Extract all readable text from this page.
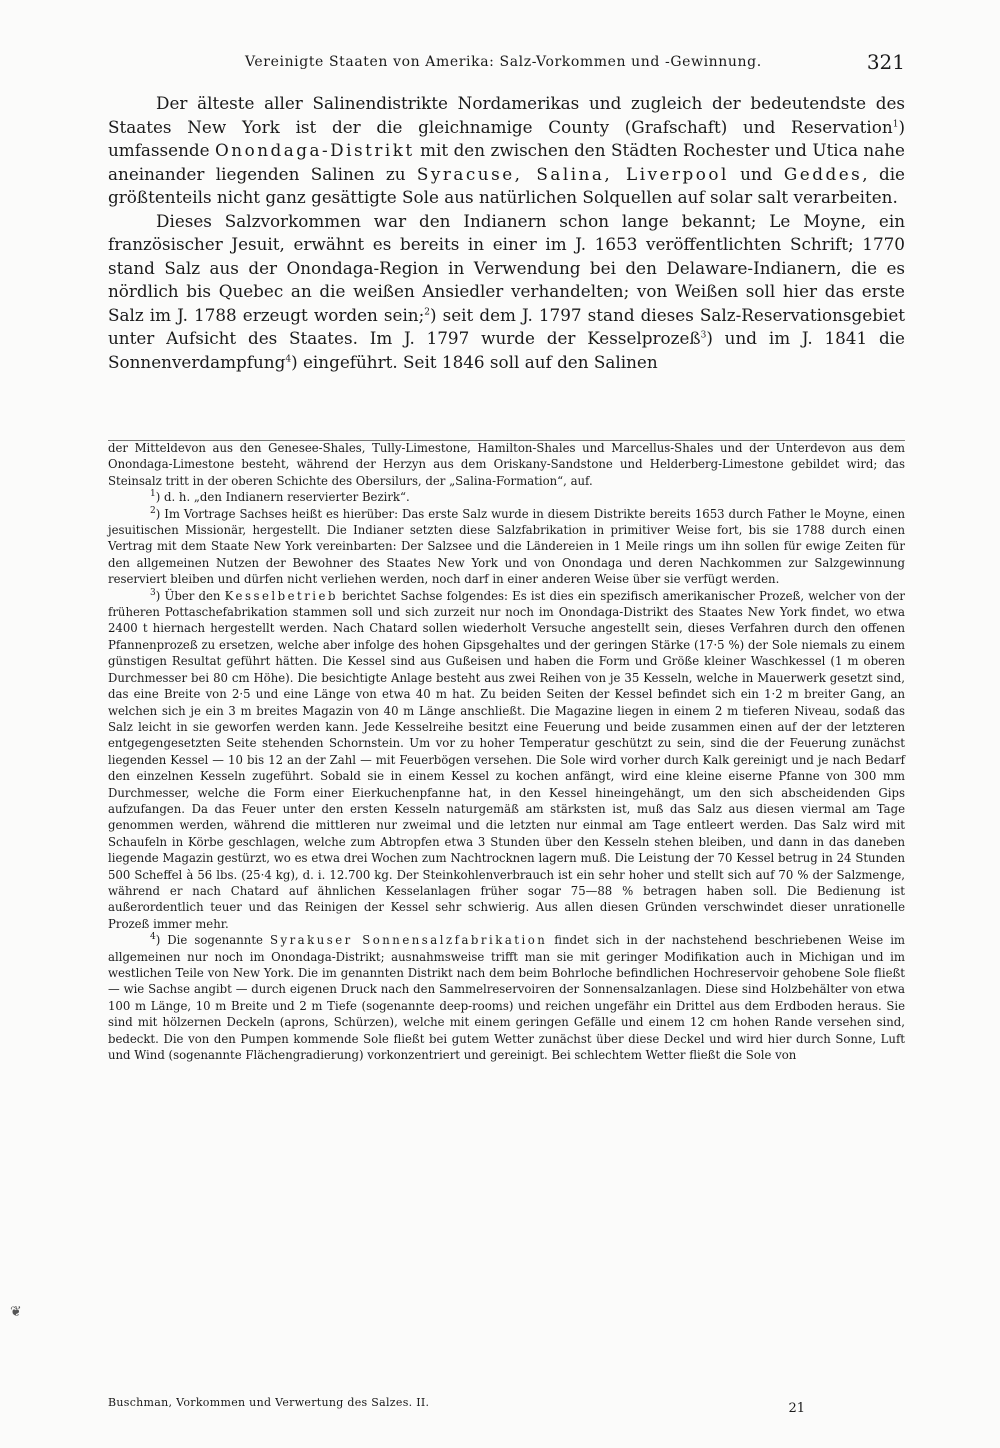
Vereinigte Staaten von Amerika: Salz-Vorkommen und -Gewinnung.	321

Der älteste aller Salinendistrikte Nordamerikas und zugleich der bedeutendste des Staates New York ist der die gleichnamige County (Grafschaft) und Reservation$^1$) umfassende Onondaga-Distrikt mit den zwischen den Städten Rochester und Utica nahe aneinander liegenden Salinen zu Syracuse, Salina, Liverpool und Geddes, die größtenteils nicht ganz gesättigte Sole aus natürlichen Solquellen auf solar salt verarbeiten.

Dieses Salzvorkommen war den Indianern schon lange bekannt; Le Moyne, ein französischer Jesuit, erwähnt es bereits in einer im J. 1653 veröffentlichten Schrift; 1770 stand Salz aus der Onondaga-Region in Verwendung bei den Delaware-Indianern, die es nördlich bis Quebec an die weißen Ansiedler verhandelten; von Weißen soll hier das erste Salz im J. 1788 erzeugt worden sein;$^2$) seit dem J. 1797 stand dieses Salz-Reservationsgebiet unter Aufsicht des Staates. Im J. 1797 wurde der Kesselprozeß$^3$) und im J. 1841 die Sonnenverdampfung$^4$) eingeführt. Seit 1846 soll auf den Salinen

der Mitteldevon aus den Genesee-Shales, Tully-Limestone, Hamilton-Shales und Marcellus-Shales und der Unterdevon aus dem Onondaga-Limestone besteht, während der Herzyn aus dem Oriskany-Sandstone und Helderberg-Limestone gebildet wird; das Steinsalz tritt in der oberen Schichte des Obersilurs, der „Salina-Formation“, auf.

$^1$) d. h. „den Indianern reservierter Bezirk“.

$^2$) Im Vortrage Sachses heißt es hierüber: Das erste Salz wurde in diesem Distrikte bereits 1653 durch Father le Moyne, einen jesuitischen Missionär, hergestellt. Die Indianer setzten diese Salzfabrikation in primitiver Weise fort, bis sie 1788 durch einen Vertrag mit dem Staate New York vereinbarten: Der Salzsee und die Ländereien in 1 Meile rings um ihn sollen für ewige Zeiten für den allgemeinen Nutzen der Bewohner des Staates New York und von Onondaga und deren Nachkommen zur Salzgewinnung reserviert bleiben und dürfen nicht verliehen werden, noch darf in einer anderen Weise über sie verfügt werden.

$^3$) Über den Kesselbetrieb berichtet Sachse folgendes: Es ist dies ein spezifisch amerikanischer Prozeß, welcher von der früheren Pottaschefabrikation stammen soll und sich zurzeit nur noch im Onondaga-Distrikt des Staates New York findet, wo etwa 2400 t hiernach hergestellt werden. Nach Chatard sollen wiederholt Versuche angestellt sein, dieses Verfahren durch den offenen Pfannenprozeß zu ersetzen, welche aber infolge des hohen Gipsgehaltes und der geringen Stärke (17·5 %) der Sole niemals zu einem günstigen Resultat geführt hätten. Die Kessel sind aus Gußeisen und haben die Form und Größe kleiner Waschkessel (1 m oberen Durchmesser bei 80 cm Höhe). Die besichtigte Anlage besteht aus zwei Reihen von je 35 Kesseln, welche in Mauerwerk gesetzt sind, das eine Breite von 2·5 und eine Länge von etwa 40 m hat. Zu beiden Seiten der Kessel befindet sich ein 1·2 m breiter Gang, an welchen sich je ein 3 m breites Magazin von 40 m Länge anschließt. Die Magazine liegen in einem 2 m tieferen Niveau, sodaß das Salz leicht in sie geworfen werden kann. Jede Kesselreihe besitzt eine Feuerung und beide zusammen einen auf der der letzteren entgegengesetzten Seite stehenden Schornstein. Um vor zu hoher Temperatur geschützt zu sein, sind die der Feuerung zunächst liegenden Kessel — 10 bis 12 an der Zahl — mit Feuerbögen versehen. Die Sole wird vorher durch Kalk gereinigt und je nach Bedarf den einzelnen Kesseln zugeführt. Sobald sie in einem Kessel zu kochen anfängt, wird eine kleine eiserne Pfanne von 300 mm Durchmesser, welche die Form einer Eierkuchenpfanne hat, in den Kessel hineingehängt, um den sich abscheidenden Gips aufzufangen. Da das Feuer unter den ersten Kesseln naturgemäß am stärksten ist, muß das Salz aus diesen viermal am Tage genommen werden, während die mittleren nur zweimal und die letzten nur einmal am Tage entleert werden. Das Salz wird mit Schaufeln in Körbe geschlagen, welche zum Abtropfen etwa 3 Stunden über den Kesseln stehen bleiben, und dann in das daneben liegende Magazin gestürzt, wo es etwa drei Wochen zum Nachtrocknen lagern muß. Die Leistung der 70 Kessel betrug in 24 Stunden 500 Scheffel à 56 lbs. (25·4 kg), d. i. 12.700 kg. Der Steinkohlenverbrauch ist ein sehr hoher und stellt sich auf 70 % der Salzmenge, während er nach Chatard auf ähnlichen Kesselanlagen früher sogar 75—88 % betragen haben soll. Die Bedienung ist außerordentlich teuer und das Reinigen der Kessel sehr schwierig. Aus allen diesen Gründen verschwindet dieser unrationelle Prozeß immer mehr.

$^4$) Die sogenannte Syrakuser Sonnensalzfabrikation findet sich in der nachstehend beschriebenen Weise im allgemeinen nur noch im Onondaga-Distrikt; ausnahmsweise trifft man sie mit geringer Modifikation auch in Michigan und im westlichen Teile von New York. Die im genannten Distrikt nach dem beim Bohrloche befindlichen Hochreservoir gehobene Sole fließt — wie Sachse angibt — durch eigenen Druck nach den Sammelreservoiren der Sonnensalzanlagen. Diese sind Holzbehälter von etwa 100 m Länge, 10 m Breite und 2 m Tiefe (sogenannte deep-rooms) und reichen ungefähr ein Drittel aus dem Erdboden heraus. Sie sind mit hölzernen Deckeln (aprons, Schürzen), welche mit einem geringen Gefälle und einem 12 cm hohen Rande versehen sind, bedeckt. Die von den Pumpen kommende Sole fließt bei gutem Wetter zunächst über diese Deckel und wird hier durch Sonne, Luft und Wind (sogenannte Flächengradierung) vorkonzentriert und gereinigt. Bei schlechtem Wetter fließt die Sole von

❦
Buschman, Vorkommen und Verwertung des Salzes. II.	21
